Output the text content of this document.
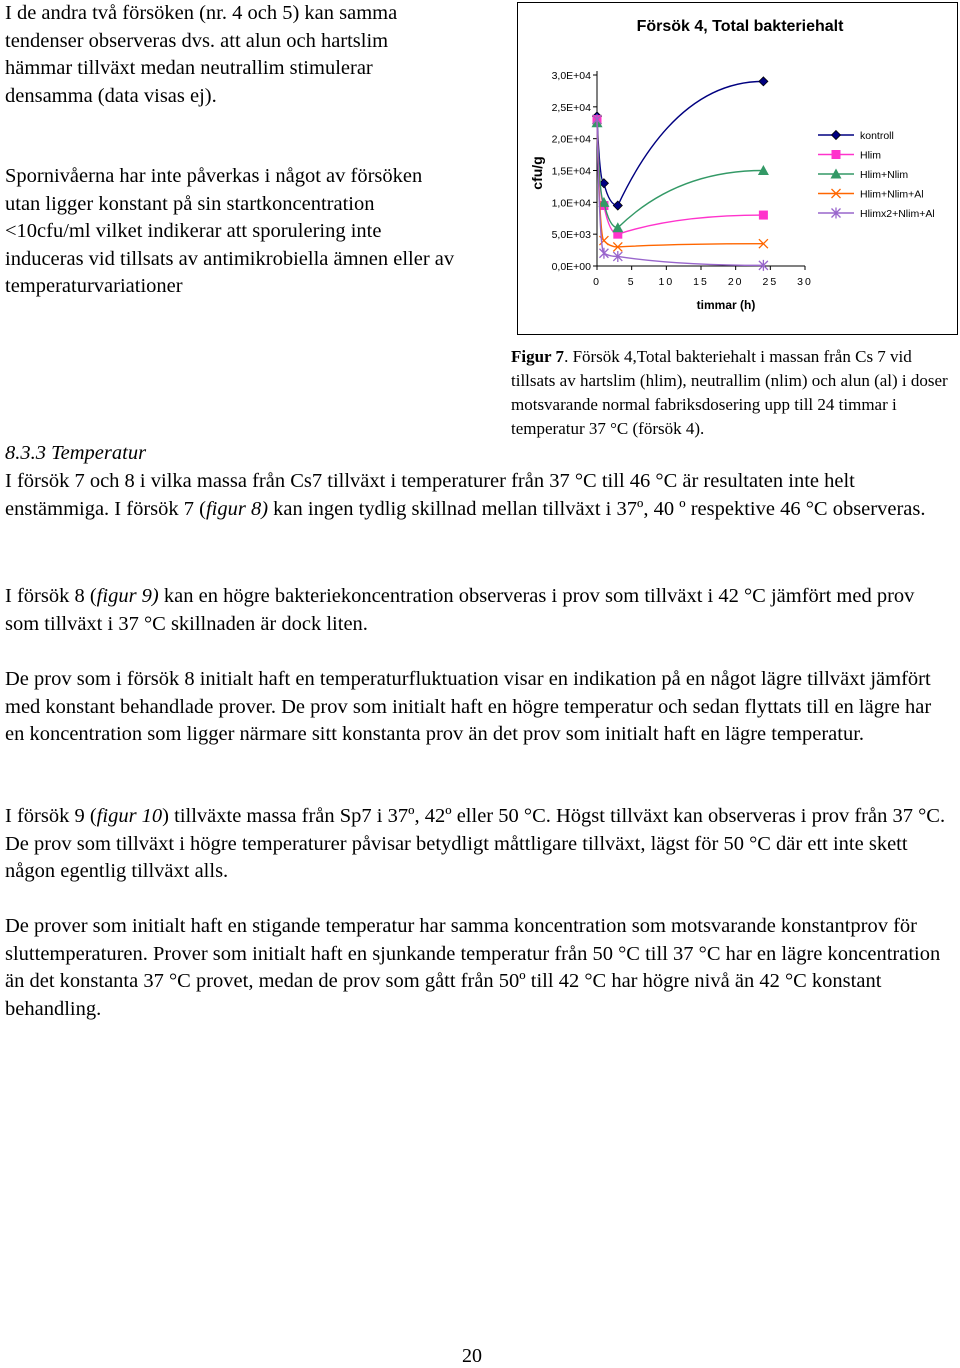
I de andra två försöken (nr. 4 och 5) kan samma tendenser observeras dvs. att alun och hartslim hämmar tillväxt medan neutrallim stimulerar densamma (data visas ej).

Spornivåerna har inte påverkas i något av försöken utan ligger konstant på sin startkoncentration <10cfu/ml vilket indikerar att sporulering inte induceras vid tillsats av antimikrobiella ämnen eller av temperaturvariationer

Försök 4, Total bakteriehalt
cfu/g
timmar (h)
0,0E+00
5,0E+03
1,0E+04
1,5E+04
2,0E+04
2,5E+04
3,0E+04
0	5 10 15 20 25 30
kontroll
Hlim
Hlim+Nlim
Hlim+Nlim+Al
Hlimx2+Nlim+Al

Figur 7. Försök 4,Total bakteriehalt i massan från Cs 7 vid tillsats av hartslim (hlim), neutrallim (nlim) och alun (al) i doser motsvarande normal fabriksdosering upp till 24 timmar i temperatur 37 °C (försök 4).

8.3.3 Temperatur

I försök 7 och 8 i vilka massa från Cs7 tillväxt i temperaturer från 37 °C till 46 °C är resultaten inte helt enstämmiga. I försök 7 (figur 8) kan ingen tydlig skillnad mellan tillväxt i 37º, 40 º respektive 46 °C observeras.

I försök 8 (figur 9) kan en högre bakteriekoncentration observeras i prov som tillväxt i 42 °C jämfört med prov som tillväxt i 37 °C skillnaden är dock liten.

De prov som i försök 8 initialt haft en temperaturfluktuation visar en indikation på en något lägre tillväxt jämfört med konstant behandlade prover. De prov som initialt haft en högre temperatur och sedan flyttats till en lägre har en koncentration som ligger närmare sitt konstanta prov än det prov som initialt haft en lägre temperatur.

I försök 9 (figur 10) tillväxte massa från Sp7 i 37º, 42º eller 50 °C. Högst tillväxt kan observeras i prov från 37 °C. De prov som tillväxt i högre temperaturer påvisar betydligt måttligare tillväxt, lägst för 50 °C där ett inte skett någon egentlig tillväxt alls.

De prover som initialt haft en stigande temperatur har samma koncentration som motsvarande konstantprov för sluttemperaturen. Prover som initialt haft en sjunkande temperatur från 50 °C till 37 °C har en lägre koncentration än det konstanta 37 °C provet, medan de prov som gått från 50º till 42 °C har högre nivå än 42 °C konstant behandling.

20
